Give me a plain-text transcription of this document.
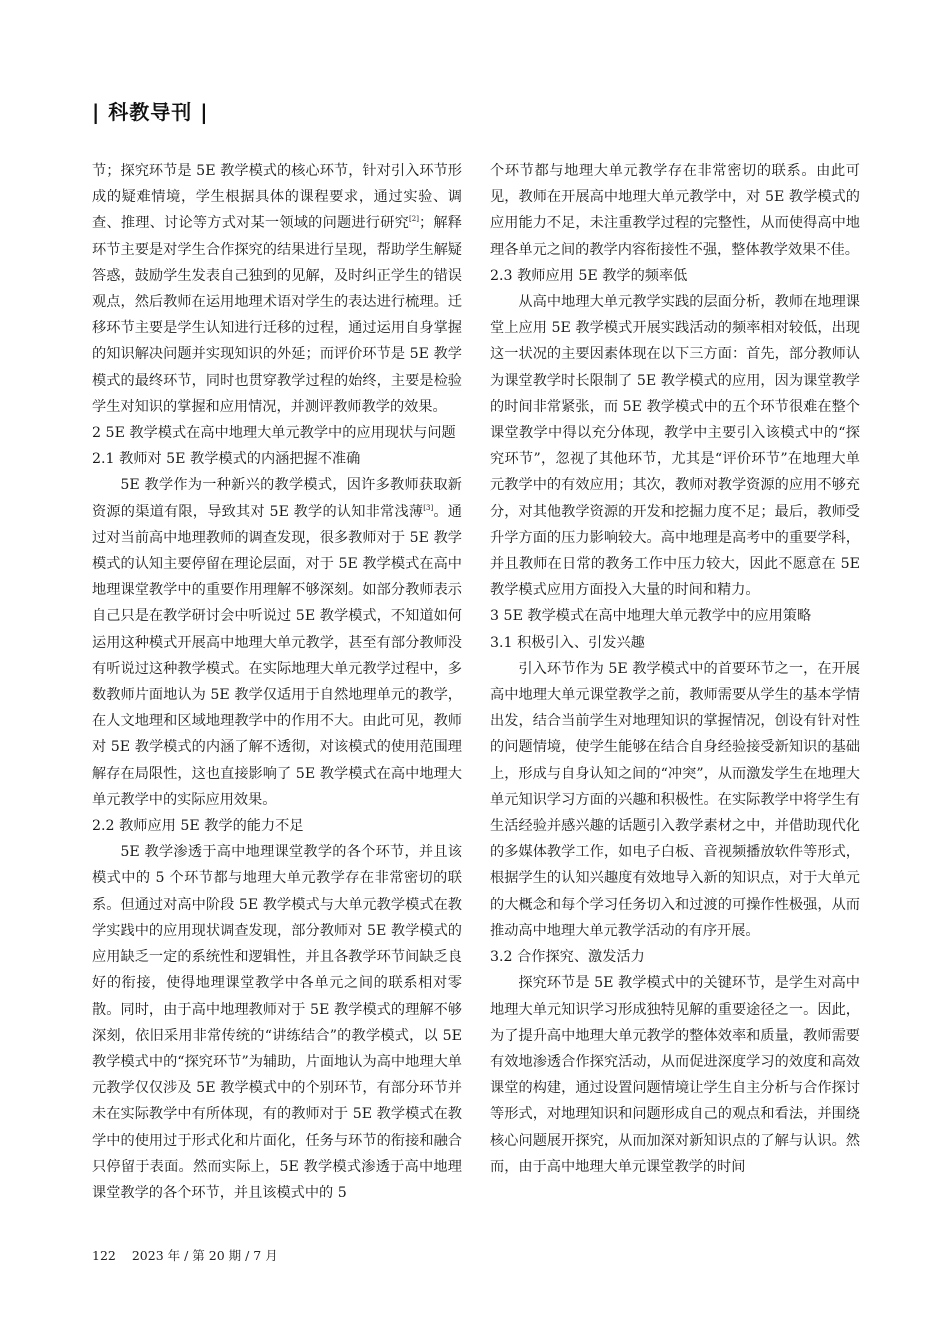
| 科教导刊 |

节；探究环节是 5E 教学模式的核心环节，针对引入环节形成的疑难情境，学生根据具体的课程要求，通过实验、调查、推理、讨论等方式对某一领域的问题进行研究[2]；解释环节主要是对学生合作探究的结果进行呈现，帮助学生解疑答惑，鼓励学生发表自己独到的见解，及时纠正学生的错误观点，然后教师在运用地理术语对学生的表达进行梳理。迁移环节主要是学生认知进行迁移的过程，通过运用自身掌握的知识解决问题并实现知识的外延；而评价环节是 5E 教学模式的最终环节，同时也贯穿教学过程的始终，主要是检验学生对知识的掌握和应用情况，并测评教师教学的效果。

2 5E 教学模式在高中地理大单元教学中的应用现状与问题

2.1 教师对 5E 教学模式的内涵把握不准确

5E 教学作为一种新兴的教学模式，因许多教师获取新资源的渠道有限，导致其对 5E 教学的认知非常浅薄[3]。通过对当前高中地理教师的调查发现，很多教师对于 5E 教学模式的认知主要停留在理论层面，对于 5E 教学模式在高中地理课堂教学中的重要作用理解不够深刻。如部分教师表示自己只是在教学研讨会中听说过 5E 教学模式，不知道如何运用这种模式开展高中地理大单元教学，甚至有部分教师没有听说过这种教学模式。在实际地理大单元教学过程中，多数教师片面地认为 5E 教学仅适用于自然地理单元的教学，在人文地理和区域地理教学中的作用不大。由此可见，教师对 5E 教学模式的内涵了解不透彻，对该模式的使用范围理解存在局限性，这也直接影响了 5E 教学模式在高中地理大单元教学中的实际应用效果。

2.2 教师应用 5E 教学的能力不足

5E 教学渗透于高中地理课堂教学的各个环节，并且该模式中的 5 个环节都与地理大单元教学存在非常密切的联系。但通过对高中阶段 5E 教学模式与大单元教学模式在教学实践中的应用现状调查发现，部分教师对 5E 教学模式的应用缺乏一定的系统性和逻辑性，并且各教学环节间缺乏良好的衔接，使得地理课堂教学中各单元之间的联系相对零散。同时，由于高中地理教师对于 5E 教学模式的理解不够深刻，依旧采用非常传统的“讲练结合”的教学模式，以 5E 教学模式中的“探究环节”为辅助，片面地认为高中地理大单元教学仅仅涉及 5E 教学模式中的个别环节，有部分环节并未在实际教学中有所体现，有的教师对于 5E 教学模式在教学中的使用过于形式化和片面化，任务与环节的衔接和融合只停留于表面。然而实际上，5E 教学模式渗透于高中地理课堂教学的各个环节，并且该模式中的 5

个环节都与地理大单元教学存在非常密切的联系。由此可见，教师在开展高中地理大单元教学中，对 5E 教学模式的应用能力不足，未注重教学过程的完整性，从而使得高中地理各单元之间的教学内容衔接性不强，整体教学效果不佳。

2.3 教师应用 5E 教学的频率低

从高中地理大单元教学实践的层面分析，教师在地理课堂上应用 5E 教学模式开展实践活动的频率相对较低，出现这一状况的主要因素体现在以下三方面：首先，部分教师认为课堂教学时长限制了 5E 教学模式的应用，因为课堂教学的时间非常紧张，而 5E 教学模式中的五个环节很难在整个课堂教学中得以充分体现，教学中主要引入该模式中的“探究环节”，忽视了其他环节，尤其是“评价环节”在地理大单元教学中的有效应用；其次，教师对教学资源的应用不够充分，对其他教学资源的开发和挖掘力度不足；最后，教师受升学方面的压力影响较大。高中地理是高考中的重要学科，并且教师在日常的教务工作中压力较大，因此不愿意在 5E 教学模式应用方面投入大量的时间和精力。

3 5E 教学模式在高中地理大单元教学中的应用策略

3.1 积极引入、引发兴趣

引入环节作为 5E 教学模式中的首要环节之一，在开展高中地理大单元课堂教学之前，教师需要从学生的基本学情出发，结合当前学生对地理知识的掌握情况，创设有针对性的问题情境，使学生能够在结合自身经验接受新知识的基础上，形成与自身认知之间的“冲突”，从而激发学生在地理大单元知识学习方面的兴趣和积极性。在实际教学中将学生有生活经验并感兴趣的话题引入教学素材之中，并借助现代化的多媒体教学工作，如电子白板、音视频播放软件等形式，根据学生的认知兴趣度有效地导入新的知识点，对于大单元的大概念和每个学习任务切入和过渡的可操作性极强，从而推动高中地理大单元教学活动的有序开展。

3.2 合作探究、激发活力

探究环节是 5E 教学模式中的关键环节，是学生对高中地理大单元知识学习形成独特见解的重要途径之一。因此，为了提升高中地理大单元教学的整体效率和质量，教师需要有效地渗透合作探究活动，从而促进深度学习的效度和高效课堂的构建，通过设置问题情境让学生自主分析与合作探讨等形式，对地理知识和问题形成自己的观点和看法，并围绕核心问题展开探究，从而加深对新知识点的了解与认识。然而，由于高中地理大单元课堂教学的时间

122 2023 年 / 第 20 期 / 7 月
